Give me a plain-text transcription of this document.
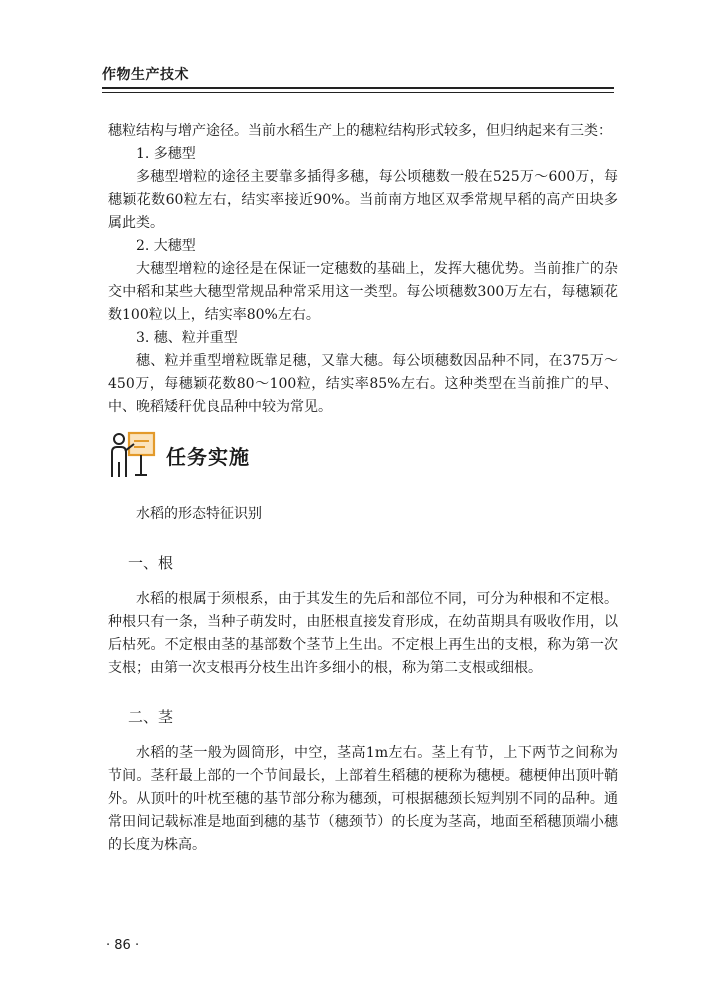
作物生产技术

穗粒结构与增产途径。当前水稻生产上的穗粒结构形式较多，但归纳起来有三类：

1. 多穗型

多穗型增粒的途径主要靠多插得多穗，每公顷穗数一般在525万～600万，每穗颖花数60粒左右，结实率接近90%。当前南方地区双季常规早稻的高产田块多属此类。

2. 大穗型

大穗型增粒的途径是在保证一定穗数的基础上，发挥大穗优势。当前推广的杂交中稻和某些大穗型常规品种常采用这一类型。每公顷穗数300万左右，每穗颖花数100粒以上，结实率80%左右。

3. 穗、粒并重型

穗、粒并重型增粒既靠足穗，又靠大穗。每公顷穗数因品种不同，在375万～450万，每穗颖花数80～100粒，结实率85%左右。这种类型在当前推广的早、中、晚稻矮秆优良品种中较为常见。

任务实施
水稻的形态特征识别
一、根

水稻的根属于须根系，由于其发生的先后和部位不同，可分为种根和不定根。种根只有一条，当种子萌发时，由胚根直接发育形成，在幼苗期具有吸收作用，以后枯死。不定根由茎的基部数个茎节上生出。不定根上再生出的支根，称为第一次支根；由第一次支根再分枝生出许多细小的根，称为第二支根或细根。

二、茎

水稻的茎一般为圆筒形，中空，茎高1m左右。茎上有节，上下两节之间称为节间。茎秆最上部的一个节间最长，上部着生稻穗的梗称为穗梗。穗梗伸出顶叶鞘外。从顶叶的叶枕至穗的基节部分称为穗颈，可根据穗颈长短判别不同的品种。通常田间记载标准是地面到穗的基节（穗颈节）的长度为茎高，地面至稻穗顶端小穗的长度为株高。

· 86 ·
